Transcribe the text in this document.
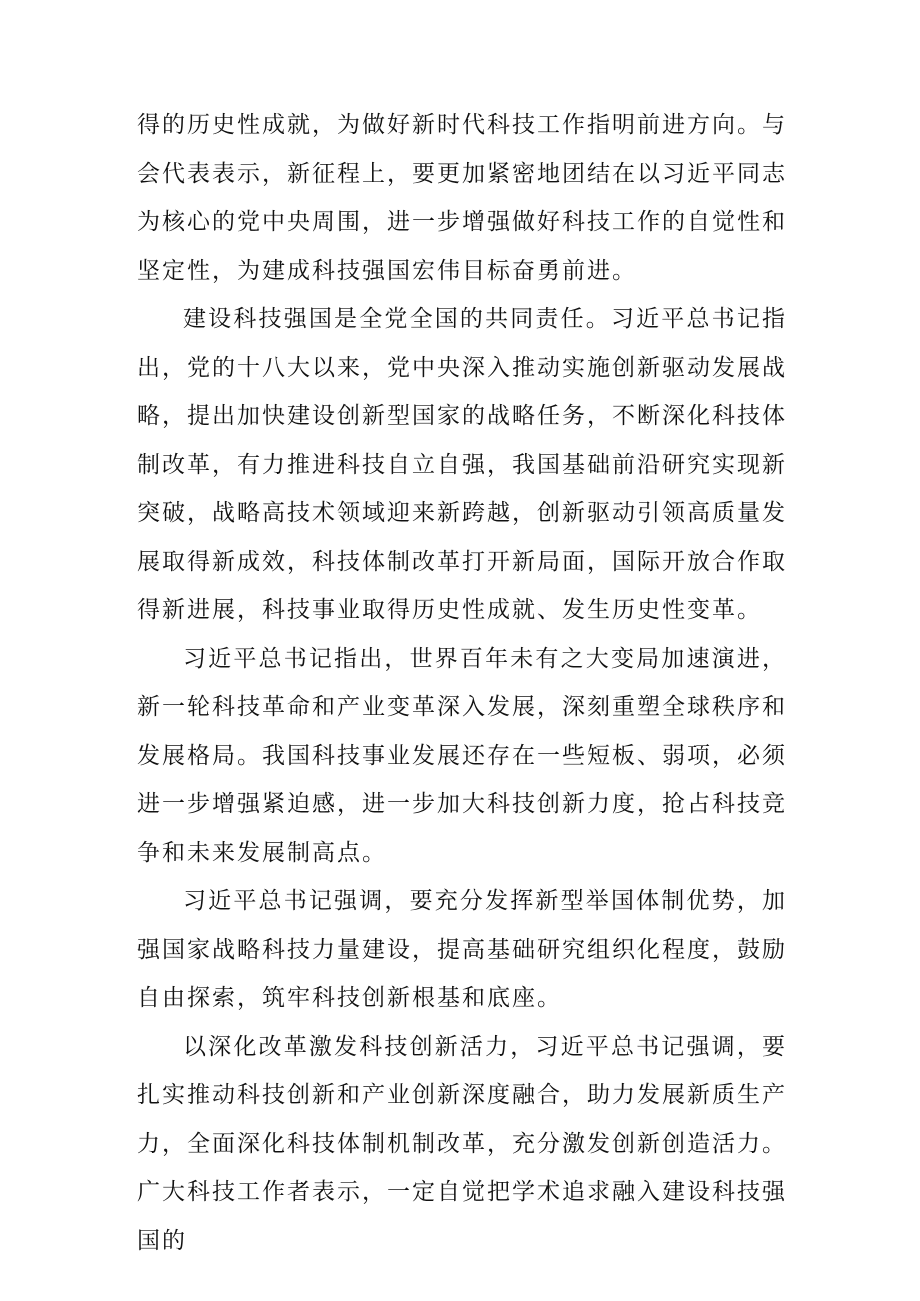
得的历史性成就，为做好新时代科技工作指明前进方向。与会代表表示，新征程上，要更加紧密地团结在以习近平同志为核心的党中央周围，进一步增强做好科技工作的自觉性和坚定性，为建成科技强国宏伟目标奋勇前进。

建设科技强国是全党全国的共同责任。习近平总书记指出，党的十八大以来，党中央深入推动实施创新驱动发展战略，提出加快建设创新型国家的战略任务，不断深化科技体制改革，有力推进科技自立自强，我国基础前沿研究实现新突破，战略高技术领域迎来新跨越，创新驱动引领高质量发展取得新成效，科技体制改革打开新局面，国际开放合作取得新进展，科技事业取得历史性成就、发生历史性变革。

习近平总书记指出，世界百年未有之大变局加速演进，新一轮科技革命和产业变革深入发展，深刻重塑全球秩序和发展格局。我国科技事业发展还存在一些短板、弱项，必须进一步增强紧迫感，进一步加大科技创新力度，抢占科技竞争和未来发展制高点。

习近平总书记强调，要充分发挥新型举国体制优势，加强国家战略科技力量建设，提高基础研究组织化程度，鼓励自由探索，筑牢科技创新根基和底座。

以深化改革激发科技创新活力，习近平总书记强调，要扎实推动科技创新和产业创新深度融合，助力发展新质生产力，全面深化科技体制机制改革，充分激发创新创造活力。

广大科技工作者表示，一定自觉把学术追求融入建设科技强国的
